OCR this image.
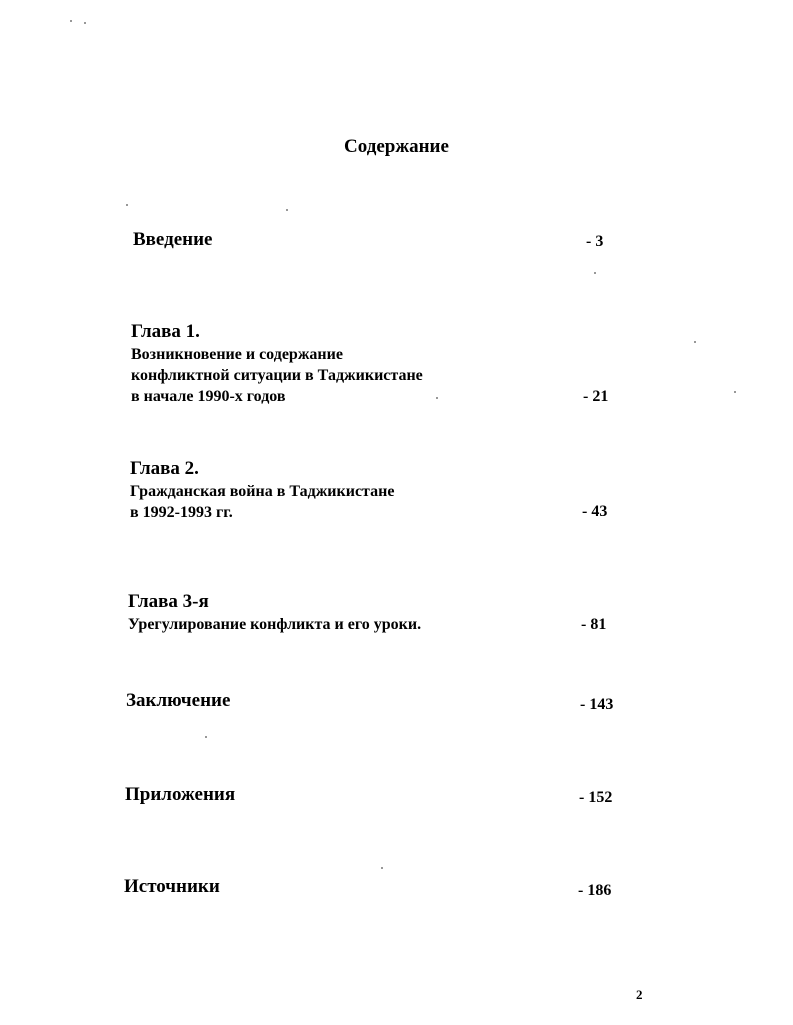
Содержание
Введение	- 3
Глава 1.
Возникновение и содержание
конфликтной ситуации в Таджикистане
в начале 1990-х годов	- 21
Глава 2.
Гражданская война в Таджикистане
в 1992-1993 гг.	- 43
Глава 3-я
Урегулирование конфликта и его уроки.	- 81
Заключение	- 143
Приложения	- 152
Источники	- 186
2
